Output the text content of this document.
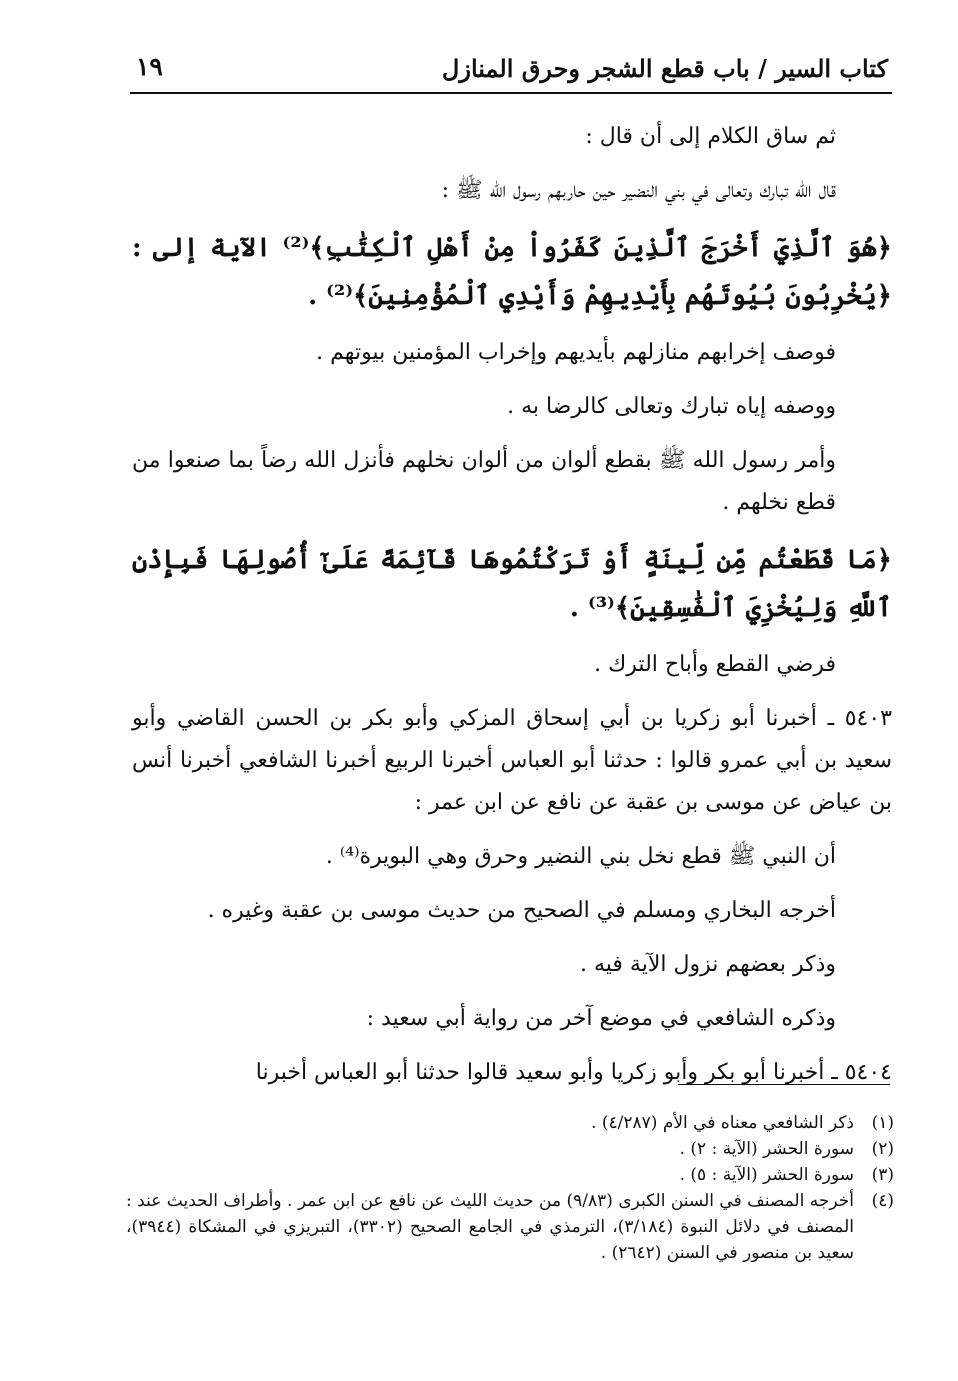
كتاب السير / باب قطع الشجر وحرق المنازل
١٩

ثم ساق الكلام إلى أن قال :

قال الله تبارك وتعالى في بني النضير حين حاربهم رسول الله ﷺ :

﴿هُوَ ٱلَّذِيٓ أَخْرَجَ ٱلَّذِينَ كَفَرُواْ مِنْ أَهْلِ ٱلْكِتَٰبِ﴾⁽²⁾ الآية إلى : ﴿يُخْرِبُونَ بُيُوتَهُم بِأَيْدِيهِمْ وَأَيْدِي ٱلْمُؤْمِنِينَ﴾⁽²⁾ .

فوصف إخرابهم منازلهم بأيديهم وإخراب المؤمنين بيوتهم .

ووصفه إياه تبارك وتعالى كالرضا به .

وأمر رسول الله ﷺ بقطع ألوان من ألوان نخلهم فأنزل الله رضاً بما صنعوا من قطع نخلهم .

﴿مَا قَطَعْتُم مِّن لِّينَةٍ أَوْ تَرَكْتُمُوهَا قَآئِمَةً عَلَىٰٓ أُصُولِهَا فَبِإِذْنِ ٱللَّهِ وَلِيُخْزِيَ ٱلْفَٰسِقِينَ﴾⁽³⁾ .

فرضي القطع وأباح الترك .

٥٤٠٣ ـ أخبرنا أبو زكريا بن أبي إسحاق المزكي وأبو بكر بن الحسن القاضي وأبو سعيد بن أبي عمرو قالوا : حدثنا أبو العباس أخبرنا الربيع أخبرنا الشافعي أخبرنا أنس بن عياض عن موسى بن عقبة عن نافع عن ابن عمر :

أن النبي ﷺ قطع نخل بني النضير وحرق وهي البويرة⁽⁴⁾ .

أخرجه البخاري ومسلم في الصحيح من حديث موسى بن عقبة وغيره .

وذكر بعضهم نزول الآية فيه .

وذكره الشافعي في موضع آخر من رواية أبي سعيد :

٥٤٠٤ ـ أخبرنا أبو بكر وأبو زكريا وأبو سعيد قالوا حدثنا أبو العباس أخبرنا

(١)
ذكر الشافعي معناه في الأم (٤/٢٨٧) .

(٢)
سورة الحشر (الآية : ٢) .

(٣)
سورة الحشر (الآية : ٥) .

(٤)
أخرجه المصنف في السنن الكبرى (٩/٨٣) من حديث الليث عن نافع عن ابن عمر . وأطراف الحديث عند : المصنف في دلائل النبوة (٣/١٨٤)، الترمذي في الجامع الصحيح (٣٣٠٢)، التبريزي في المشكاة (٣٩٤٤)، سعيد بن منصور في السنن (٢٦٤٢) .
